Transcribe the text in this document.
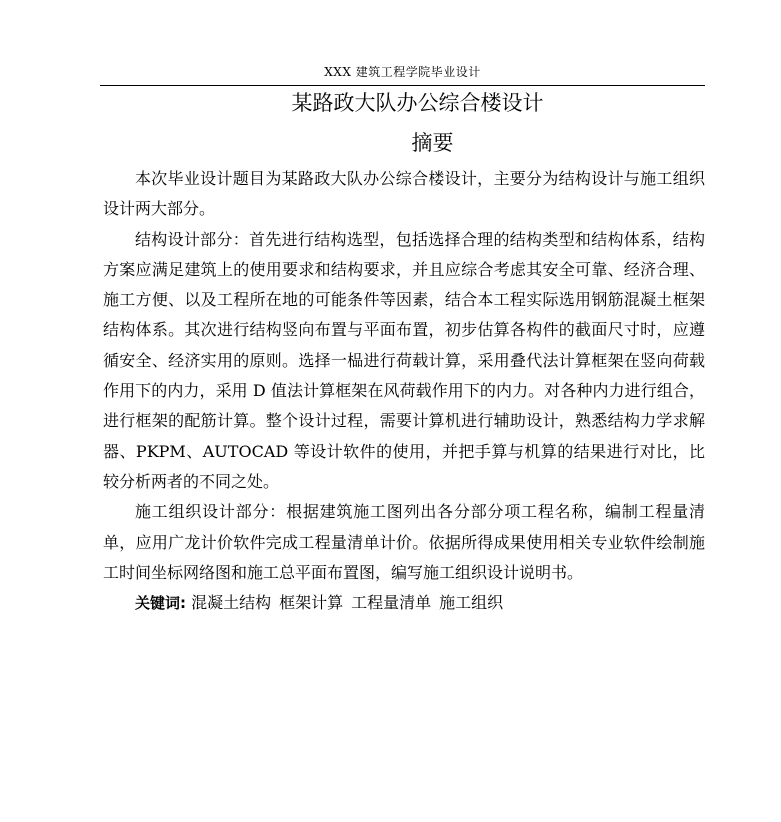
XXX 建筑工程学院毕业设计
某路政大队办公综合楼设计
摘要

本次毕业设计题目为某路政大队办公综合楼设计，主要分为结构设计与施工组织设计两大部分。

结构设计部分：首先进行结构选型，包括选择合理的结构类型和结构体系，结构方案应满足建筑上的使用要求和结构要求，并且应综合考虑其安全可靠、经济合理、施工方便、以及工程所在地的可能条件等因素，结合本工程实际选用钢筋混凝土框架结构体系。其次进行结构竖向布置与平面布置，初步估算各构件的截面尺寸时，应遵循安全、经济实用的原则。选择一榀进行荷载计算，采用叠代法计算框架在竖向荷载作用下的内力，采用 D 值法计算框架在风荷载作用下的内力。对各种内力进行组合，进行框架的配筋计算。整个设计过程，需要计算机进行辅助设计，熟悉结构力学求解器、PKPM、AUTOCAD 等设计软件的使用，并把手算与机算的结果进行对比，比较分析两者的不同之处。

施工组织设计部分：根据建筑施工图列出各分部分项工程名称，编制工程量清单，应用广龙计价软件完成工程量清单计价。依据所得成果使用相关专业软件绘制施工时间坐标网络图和施工总平面布置图，编写施工组织设计说明书。

关键词: 混凝土结构 框架计算 工程量清单 施工组织
